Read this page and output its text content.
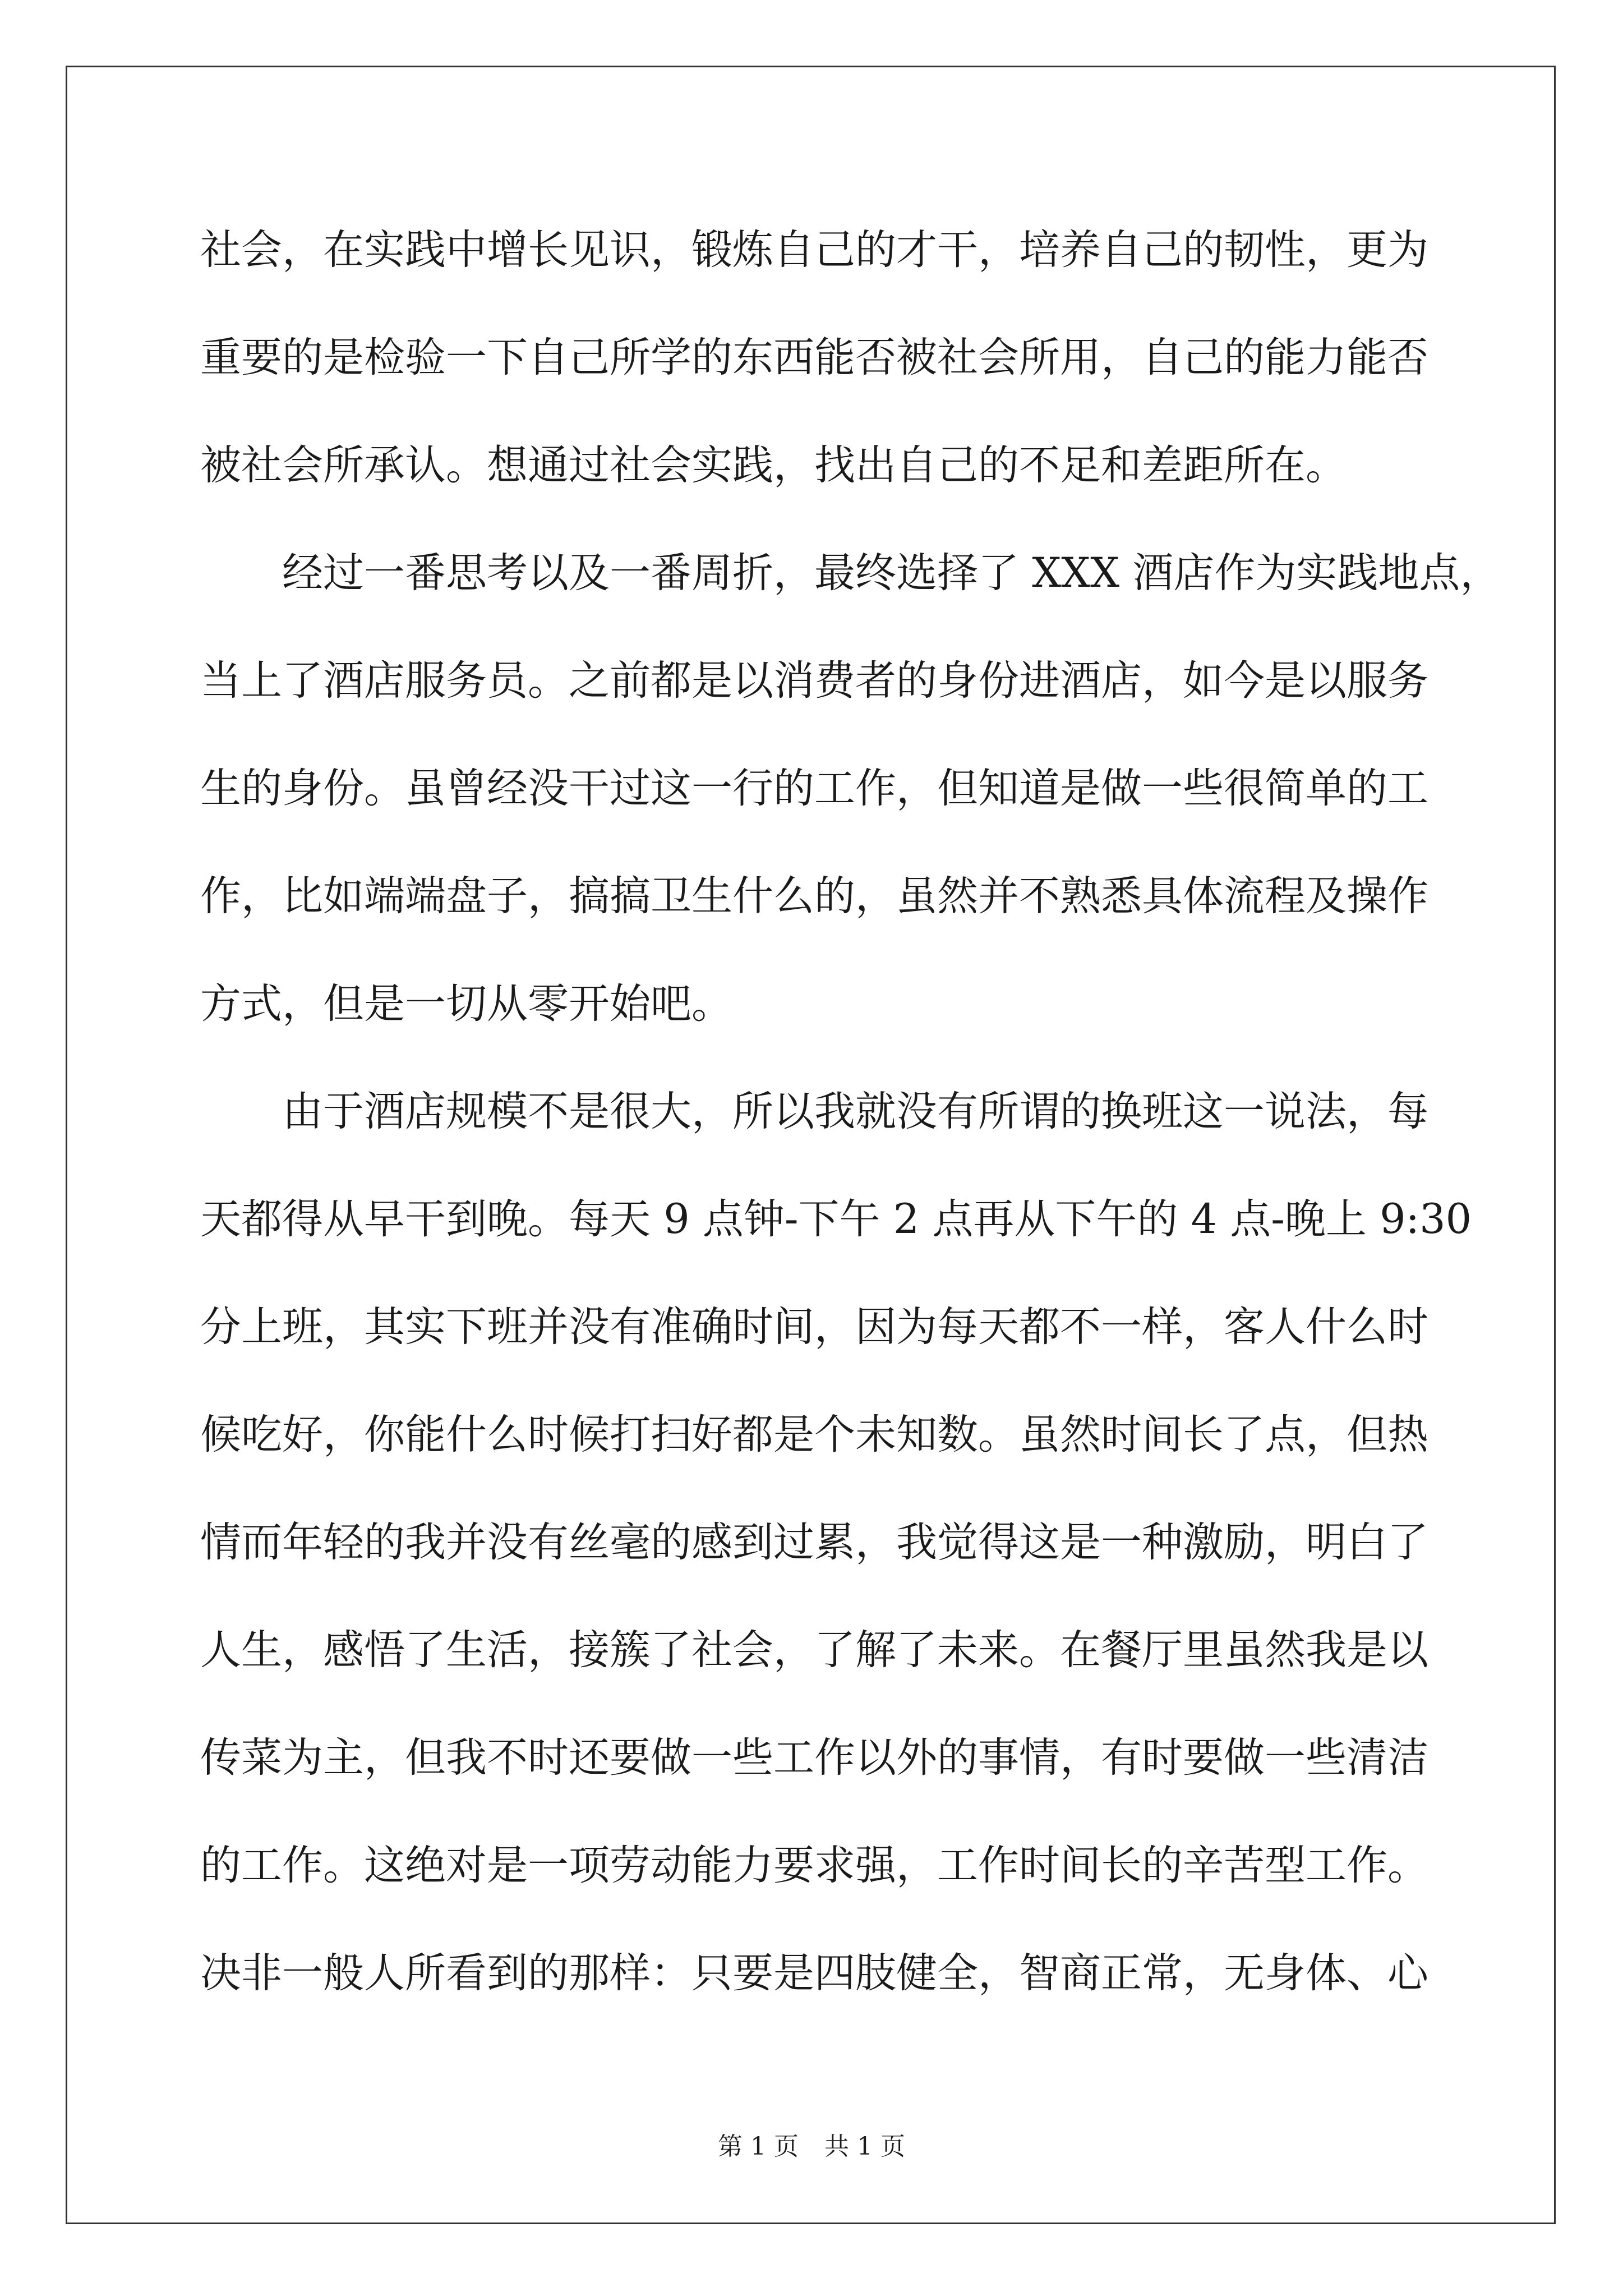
社会，在实践中增长见识，锻炼自己的才干，培养自己的韧性，更为
重要的是检验一下自己所学的东西能否被社会所用，自己的能力能否
被社会所承认。想通过社会实践，找出自己的不足和差距所在。

经过一番思考以及一番周折，最终选择了 XXX 酒店作为实践地点，
当上了酒店服务员。之前都是以消费者的身份进酒店，如今是以服务
生的身份。虽曾经没干过这一行的工作，但知道是做一些很简单的工
作，比如端端盘子，搞搞卫生什么的，虽然并不熟悉具体流程及操作
方式，但是一切从零开始吧。

由于酒店规模不是很大，所以我就没有所谓的换班这一说法，每
天都得从早干到晚。每天 9 点钟-下午 2 点再从下午的 4 点-晚上 9:30
分上班，其实下班并没有准确时间，因为每天都不一样，客人什么时
候吃好，你能什么时候打扫好都是个未知数。虽然时间长了点，但热
情而年轻的我并没有丝毫的感到过累，我觉得这是一种激励，明白了
人生，感悟了生活，接簇了社会，了解了未来。在餐厅里虽然我是以
传菜为主，但我不时还要做一些工作以外的事情，有时要做一些清洁
的工作。这绝对是一项劳动能力要求强，工作时间长的辛苦型工作。
决非一般人所看到的那样：只要是四肢健全，智商正常，无身体、心

第 1 页 共 1 页
